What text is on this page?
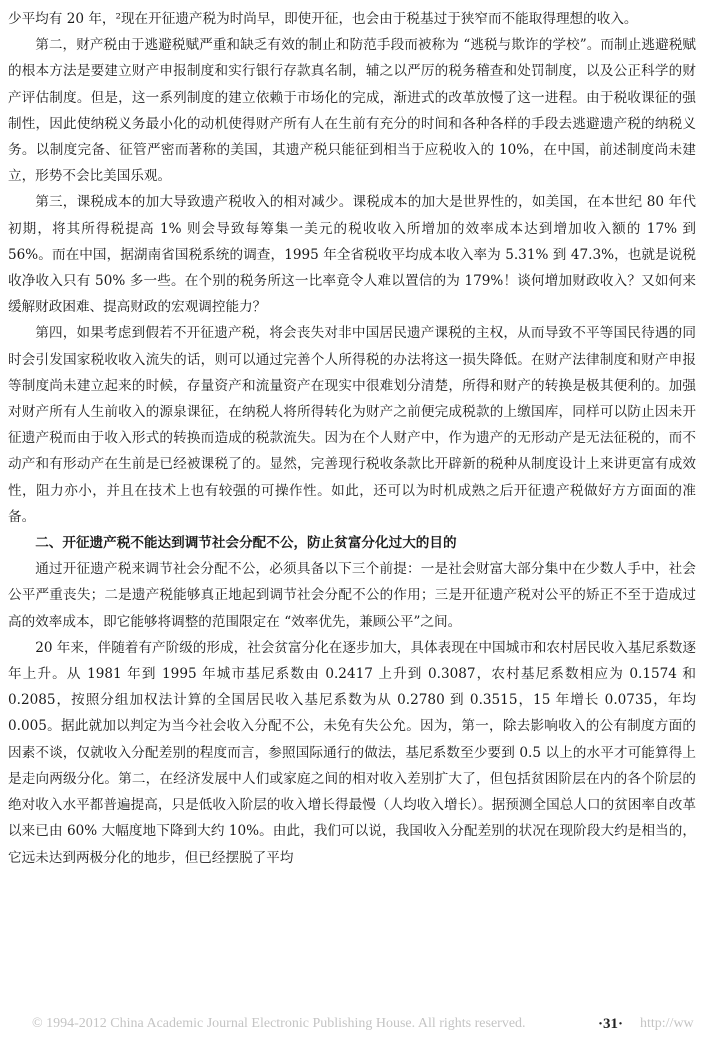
少平均有 20 年，²现在开征遗产税为时尚早，即使开征，也会由于税基过于狭窄而不能取得理想的收入。

第二，财产税由于逃避税赋严重和缺乏有效的制止和防范手段而被称为 “逃税与欺诈的学校”。而制止逃避税赋的根本方法是要建立财产申报制度和实行银行存款真名制，辅之以严厉的税务稽查和处罚制度，以及公正科学的财产评估制度。但是，这一系列制度的建立依赖于市场化的完成，渐进式的改革放慢了这一进程。由于税收课征的强制性，因此使纳税义务最小化的动机使得财产所有人在生前有充分的时间和各种各样的手段去逃避遗产税的纳税义务。以制度完备、征管严密而著称的美国，其遗产税只能征到相当于应税收入的 10%，在中国，前述制度尚未建立，形势不会比美国乐观。

第三，课税成本的加大导致遗产税收入的相对减少。课税成本的加大是世界性的，如美国，在本世纪 80 年代初期，将其所得税提高 1% 则会导致每筹集一美元的税收收入所增加的效率成本达到增加收入额的 17% 到 56%。而在中国，据湖南省国税系统的调查，1995 年全省税收平均成本收入率为 5.31% 到 47.3%，也就是说税收净收入只有 50% 多一些。在个别的税务所这一比率竟令人难以置信的为 179%！谈何增加财政收入？又如何来缓解财政困难、提高财政的宏观调控能力？

第四，如果考虑到假若不开征遗产税，将会丧失对非中国居民遗产课税的主权，从而导致不平等国民待遇的同时会引发国家税收收入流失的话，则可以通过完善个人所得税的办法将这一损失降低。在财产法律制度和财产申报等制度尚未建立起来的时候，存量资产和流量资产在现实中很难划分清楚，所得和财产的转换是极其便利的。加强对财产所有人生前收入的源泉课征，在纳税人将所得转化为财产之前便完成税款的上缴国库，同样可以防止因未开征遗产税而由于收入形式的转换而造成的税款流失。因为在个人财产中，作为遗产的无形动产是无法征税的，而不动产和有形动产在生前是已经被课税了的。显然，完善现行税收条款比开辟新的税种从制度设计上来讲更富有成效性，阻力亦小，并且在技术上也有较强的可操作性。如此，还可以为时机成熟之后开征遗产税做好方方面面的准备。

二、开征遗产税不能达到调节社会分配不公，防止贫富分化过大的目的

通过开征遗产税来调节社会分配不公，必须具备以下三个前提：一是社会财富大部分集中在少数人手中，社会公平严重丧失；二是遗产税能够真正地起到调节社会分配不公的作用；三是开征遗产税对公平的矫正不至于造成过高的效率成本，即它能够将调整的范围限定在 “效率优先，兼顾公平”之间。

20 年来，伴随着有产阶级的形成，社会贫富分化在逐步加大，具体表现在中国城市和农村居民收入基尼系数逐年上升。从 1981 年到 1995 年城市基尼系数由 0.2417 上升到 0.3087，农村基尼系数相应为 0.1574 和 0.2085，按照分组加权法计算的全国居民收入基尼系数为从 0.2780 到 0.3515，15 年增长 0.0735，年均 0.005。据此就加以判定为当今社会收入分配不公，未免有失公允。因为，第一，除去影响收入的公有制度方面的因素不谈，仅就收入分配差别的程度而言，参照国际通行的做法，基尼系数至少要到 0.5 以上的水平才可能算得上是走向两级分化。第二，在经济发展中人们或家庭之间的相对收入差别扩大了，但包括贫困阶层在内的各个阶层的绝对收入水平都普遍提高，只是低收入阶层的收入增长得最慢（人均收入增长）。据预测全国总人口的贫困率自改革以来已由 60% 大幅度地下降到大约 10%。由此，我们可以说，我国收入分配差别的状况在现阶段大约是相当的，它远未达到两极分化的地步，但已经摆脱了平均

© 1994-2012 China Academic Journal Electronic Publishing House. All rights reserved.	·31· http://ww
